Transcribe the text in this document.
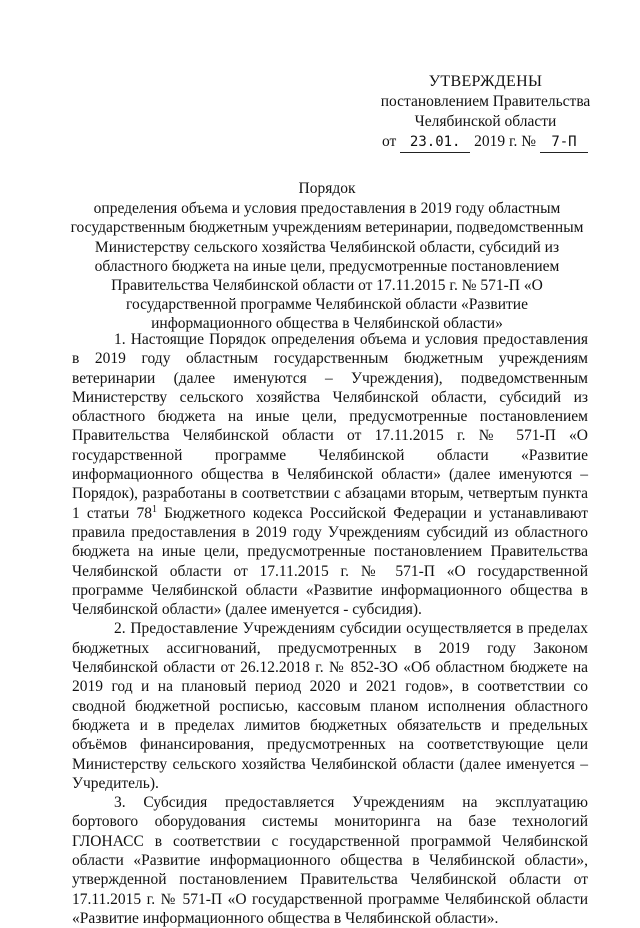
УТВЕРЖДЕНЫ
постановлением Правительства
Челябинской области
от 23.01. 2019 г. № 7-П
Порядок
определения объема и условия предоставления в 2019 году областным государственным бюджетным учреждениям ветеринарии, подведомственным Министерству сельского хозяйства Челябинской области, субсидий из областного бюджета на иные цели, предусмотренные постановлением Правительства Челябинской области от 17.11.2015 г. № 571-П «О государственной программе Челябинской области «Развитие информационного общества в Челябинской области»

1. Настоящие Порядок определения объема и условия предоставления в 2019 году областным государственным бюджетным учреждениям ветеринарии (далее именуются – Учреждения), подведомственным Министерству сельского хозяйства Челябинской области, субсидий из областного бюджета на иные цели, предусмотренные постановлением Правительства Челябинской области от 17.11.2015 г. № 571-П «О государственной программе Челябинской области «Развитие информационного общества в Челябинской области» (далее именуются – Порядок), разработаны в соответствии с абзацами вторым, четвертым пункта 1 статьи $78^1$ Бюджетного кодекса Российской Федерации и устанавливают правила предоставления в 2019 году Учреждениям субсидий из областного бюджета на иные цели, предусмотренные постановлением Правительства Челябинской области от 17.11.2015 г. № 571-П «О государственной программе Челябинской области «Развитие информационного общества в Челябинской области» (далее именуется - субсидия).

2. Предоставление Учреждениям субсидии осуществляется в пределах бюджетных ассигнований, предусмотренных в 2019 году Законом Челябинской области от 26.12.2018 г. № 852-ЗО «Об областном бюджете на 2019 год и на плановый период 2020 и 2021 годов», в соответствии со сводной бюджетной росписью, кассовым планом исполнения областного бюджета и в пределах лимитов бюджетных обязательств и предельных объёмов финансирования, предусмотренных на соответствующие цели Министерству сельского хозяйства Челябинской области (далее именуется – Учредитель).

3. Субсидия предоставляется Учреждениям на эксплуатацию бортового оборудования системы мониторинга на базе технологий ГЛОНАСС в соответствии с государственной программой Челябинской области «Развитие информационного общества в Челябинской области», утвержденной постановлением Правительства Челябинской области от 17.11.2015 г. № 571-П «О государственной программе Челябинской области «Развитие информационного общества в Челябинской области».
